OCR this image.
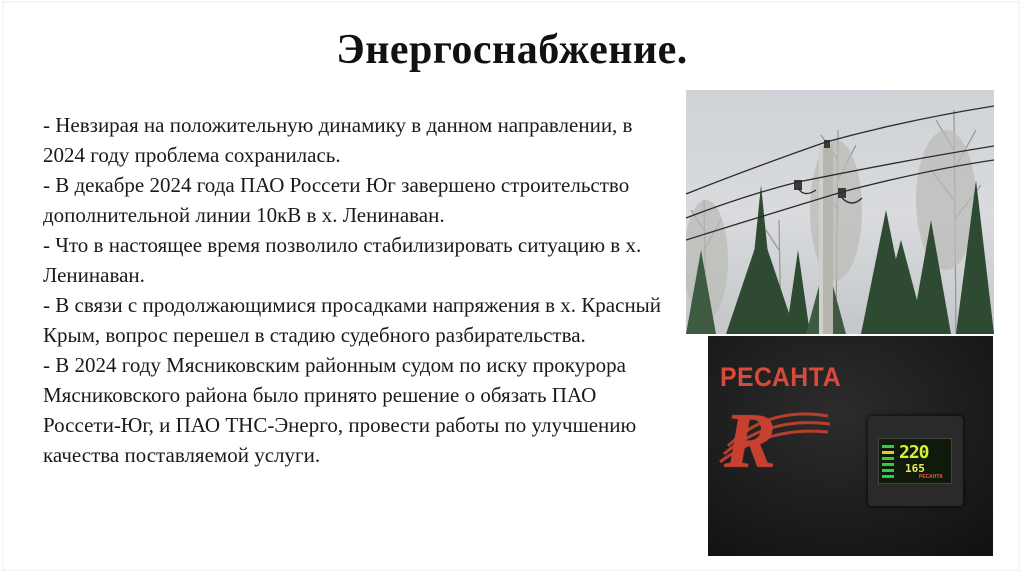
Энергоснабжение.

- Невзирая на положительную динамику в данном направлении, в 2024 году проблема сохранилась.

- В декабре 2024 года ПАО Россети Юг завершено строительство дополнительной линии 10кВ в х. Ленинаван.

- Что в настоящее время позволило стабилизировать ситуацию в х. Ленинаван.

- В связи с продолжающимися просадками напряжения в х. Красный Крым, вопрос перешел в стадию судебного разбирательства.

- В 2024 году Мясниковским районным судом по иску прокурора Мясниковского района было принято решение о обязать ПАО Россети-Юг, и ПАО ТНС-Энерго, провести работы по улучшению качества поставляемой услуги.

РЕСАНТА
R	220
165
РЕСАНТА
